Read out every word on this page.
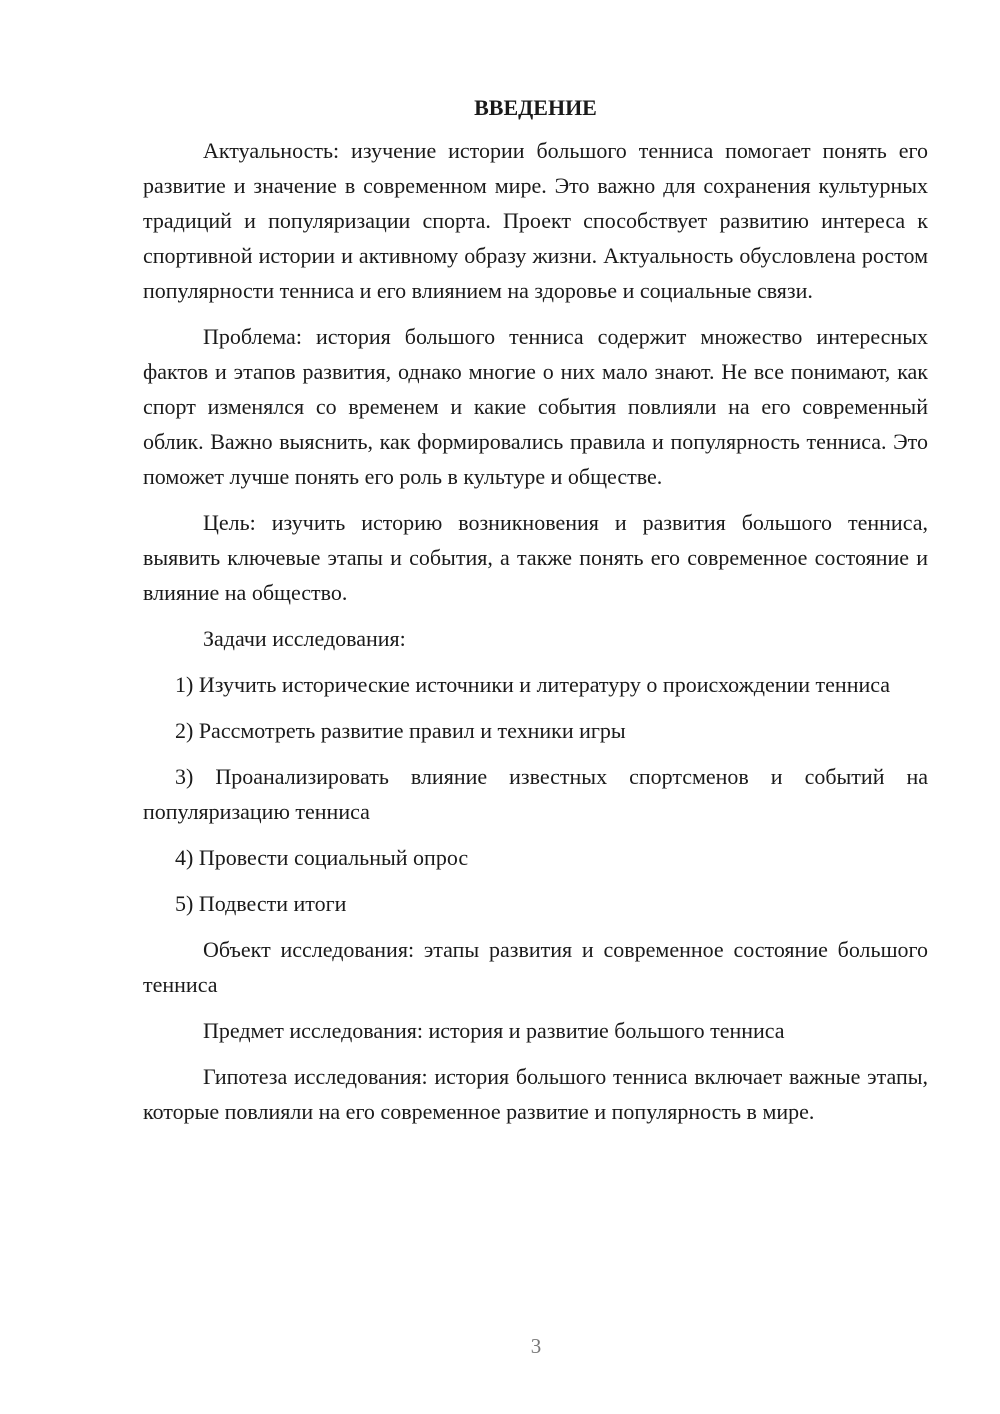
ВВЕДЕНИЕ

Актуальность: изучение истории большого тенниса помогает понять его развитие и значение в современном мире. Это важно для сохранения культурных традиций и популяризации спорта. Проект способствует развитию интереса к спортивной истории и активному образу жизни. Актуальность обусловлена ростом популярности тенниса и его влиянием на здоровье и социальные связи.

Проблема: история большого тенниса содержит множество интересных фактов и этапов развития, однако многие о них мало знают. Не все понимают, как спорт изменялся со временем и какие события повлияли на его современный облик. Важно выяснить, как формировались правила и популярность тенниса. Это поможет лучше понять его роль в культуре и обществе.

Цель: изучить историю возникновения и развития большого тенниса, выявить ключевые этапы и события, а также понять его современное состояние и влияние на общество.

Задачи исследования:

1) Изучить исторические источники и литературу о происхождении тенниса

2) Рассмотреть развитие правил и техники игры

3) Проанализировать влияние известных спортсменов и событий на популяризацию тенниса

4) Провести социальный опрос

5) Подвести итоги

Объект исследования: этапы развития и современное состояние большого тенниса

Предмет исследования: история и развитие большого тенниса

Гипотеза исследования: история большого тенниса включает важные этапы, которые повлияли на его современное развитие и популярность в мире.

3
